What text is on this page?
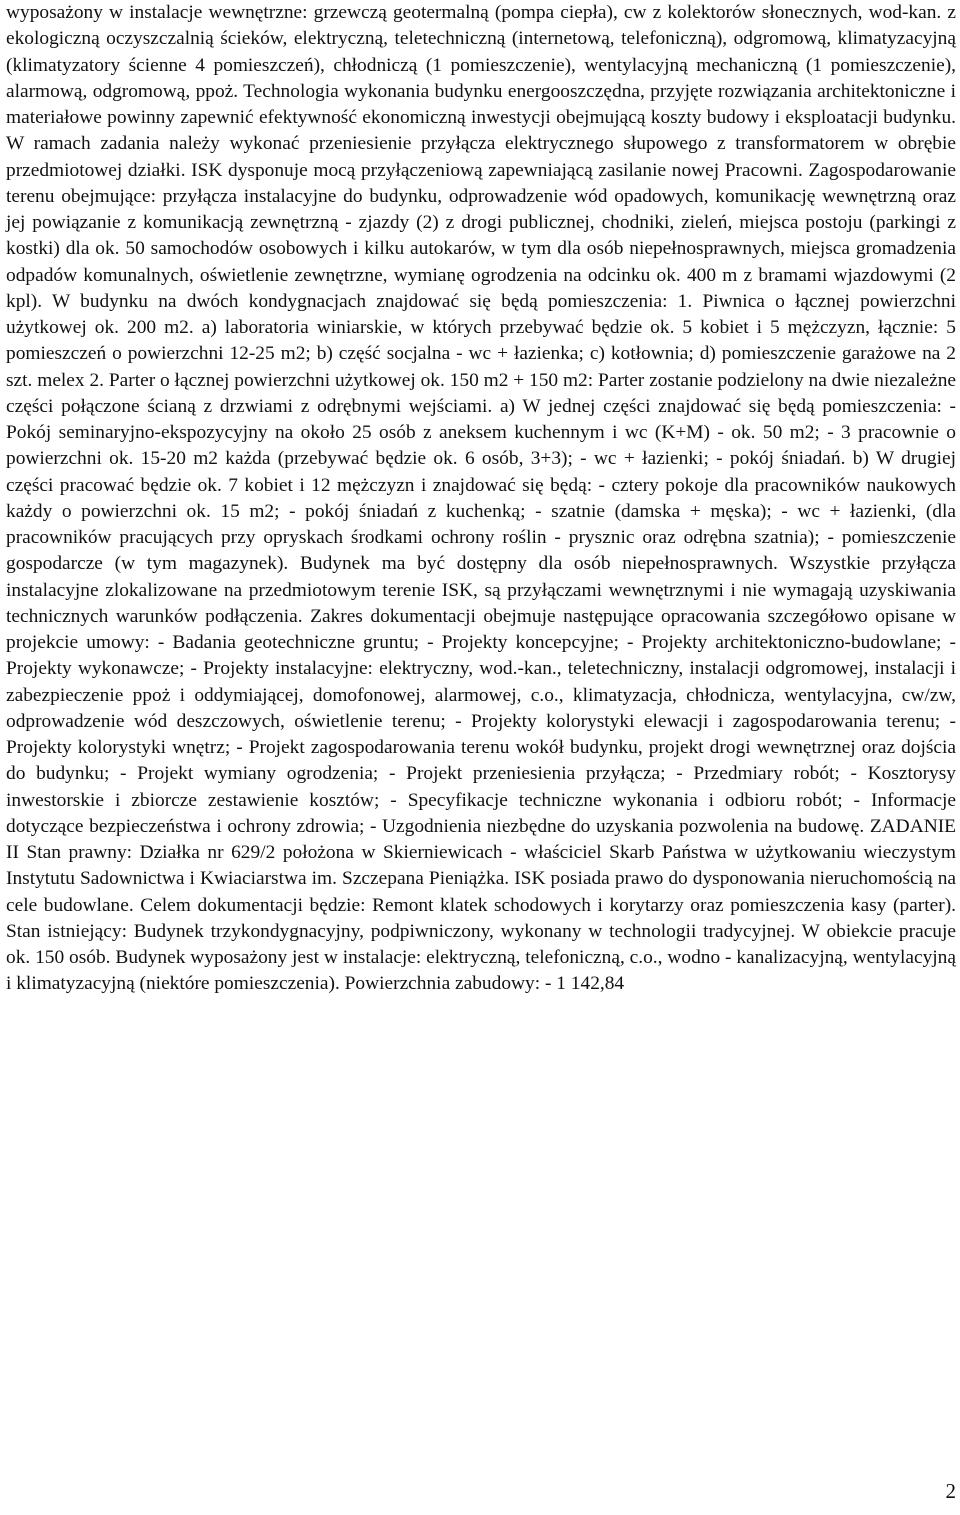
wyposażony w instalacje wewnętrzne: grzewczą geotermalną (pompa ciepła), cw z kolektorów słonecznych, wod-kan. z ekologiczną oczyszczalnią ścieków, elektryczną, teletechniczną (internetową, telefoniczną), odgromową, klimatyzacyjną (klimatyzatory ścienne 4 pomieszczeń), chłodniczą (1 pomieszczenie), wentylacyjną mechaniczną (1 pomieszczenie), alarmową, odgromową, ppoż. Technologia wykonania budynku energooszczędna, przyjęte rozwiązania architektoniczne i materiałowe powinny zapewnić efektywność ekonomiczną inwestycji obejmującą koszty budowy i eksploatacji budynku. W ramach zadania należy wykonać przeniesienie przyłącza elektrycznego słupowego z transformatorem w obrębie przedmiotowej działki. ISK dysponuje mocą przyłączeniową zapewniającą zasilanie nowej Pracowni. Zagospodarowanie terenu obejmujące: przyłącza instalacyjne do budynku, odprowadzenie wód opadowych, komunikację wewnętrzną oraz jej powiązanie z komunikacją zewnętrzną - zjazdy (2) z drogi publicznej, chodniki, zieleń, miejsca postoju (parkingi z kostki) dla ok. 50 samochodów osobowych i kilku autokarów, w tym dla osób niepełnosprawnych, miejsca gromadzenia odpadów komunalnych, oświetlenie zewnętrzne, wymianę ogrodzenia na odcinku ok. 400 m z bramami wjazdowymi (2 kpl). W budynku na dwóch kondygnacjach znajdować się będą pomieszczenia: 1. Piwnica o łącznej powierzchni użytkowej ok. 200 m2. a) laboratoria winiarskie, w których przebywać będzie ok. 5 kobiet i 5 mężczyzn, łącznie: 5 pomieszczeń o powierzchni 12-25 m2; b) część socjalna - wc + łazienka; c) kotłownia; d) pomieszczenie garażowe na 2 szt. melex 2. Parter o łącznej powierzchni użytkowej ok. 150 m2 + 150 m2: Parter zostanie podzielony na dwie niezależne części połączone ścianą z drzwiami z odrębnymi wejściami. a) W jednej części znajdować się będą pomieszczenia: - Pokój seminaryjno-ekspozycyjny na około 25 osób z aneksem kuchennym i wc (K+M) - ok. 50 m2; - 3 pracownie o powierzchni ok. 15-20 m2 każda (przebywać będzie ok. 6 osób, 3+3); - wc + łazienki; - pokój śniadań. b) W drugiej części pracować będzie ok. 7 kobiet i 12 mężczyzn i znajdować się będą: - cztery pokoje dla pracowników naukowych każdy o powierzchni ok. 15 m2; - pokój śniadań z kuchenką; - szatnie (damska + męska); - wc + łazienki, (dla pracowników pracujących przy opryskach środkami ochrony roślin - prysznic oraz odrębna szatnia); - pomieszczenie gospodarcze (w tym magazynek). Budynek ma być dostępny dla osób niepełnosprawnych. Wszystkie przyłącza instalacyjne zlokalizowane na przedmiotowym terenie ISK, są przyłączami wewnętrznymi i nie wymagają uzyskiwania technicznych warunków podłączenia. Zakres dokumentacji obejmuje następujące opracowania szczegółowo opisane w projekcie umowy: - Badania geotechniczne gruntu; - Projekty koncepcyjne; - Projekty architektoniczno-budowlane; - Projekty wykonawcze; - Projekty instalacyjne: elektryczny, wod.-kan., teletechniczny, instalacji odgromowej, instalacji i zabezpieczenie ppoż i oddymiającej, domofonowej, alarmowej, c.o., klimatyzacja, chłodnicza, wentylacyjna, cw/zw, odprowadzenie wód deszczowych, oświetlenie terenu; - Projekty kolorystyki elewacji i zagospodarowania terenu; - Projekty kolorystyki wnętrz; - Projekt zagospodarowania terenu wokół budynku, projekt drogi wewnętrznej oraz dojścia do budynku; - Projekt wymiany ogrodzenia; - Projekt przeniesienia przyłącza; - Przedmiary robót; - Kosztorysy inwestorskie i zbiorcze zestawienie kosztów; - Specyfikacje techniczne wykonania i odbioru robót; - Informacje dotyczące bezpieczeństwa i ochrony zdrowia; - Uzgodnienia niezbędne do uzyskania pozwolenia na budowę. ZADANIE II Stan prawny: Działka nr 629/2 położona w Skierniewicach - właściciel Skarb Państwa w użytkowaniu wieczystym Instytutu Sadownictwa i Kwiaciarstwa im. Szczepana Pieniążka. ISK posiada prawo do dysponowania nieruchomością na cele budowlane. Celem dokumentacji będzie: Remont klatek schodowych i korytarzy oraz pomieszczenia kasy (parter). Stan istniejący: Budynek trzykondygnacyjny, podpiwniczony, wykonany w technologii tradycyjnej. W obiekcie pracuje ok. 150 osób. Budynek wyposażony jest w instalacje: elektryczną, telefoniczną, c.o., wodno - kanalizacyjną, wentylacyjną i klimatyzacyjną (niektóre pomieszczenia). Powierzchnia zabudowy: - 1 142,84

2
